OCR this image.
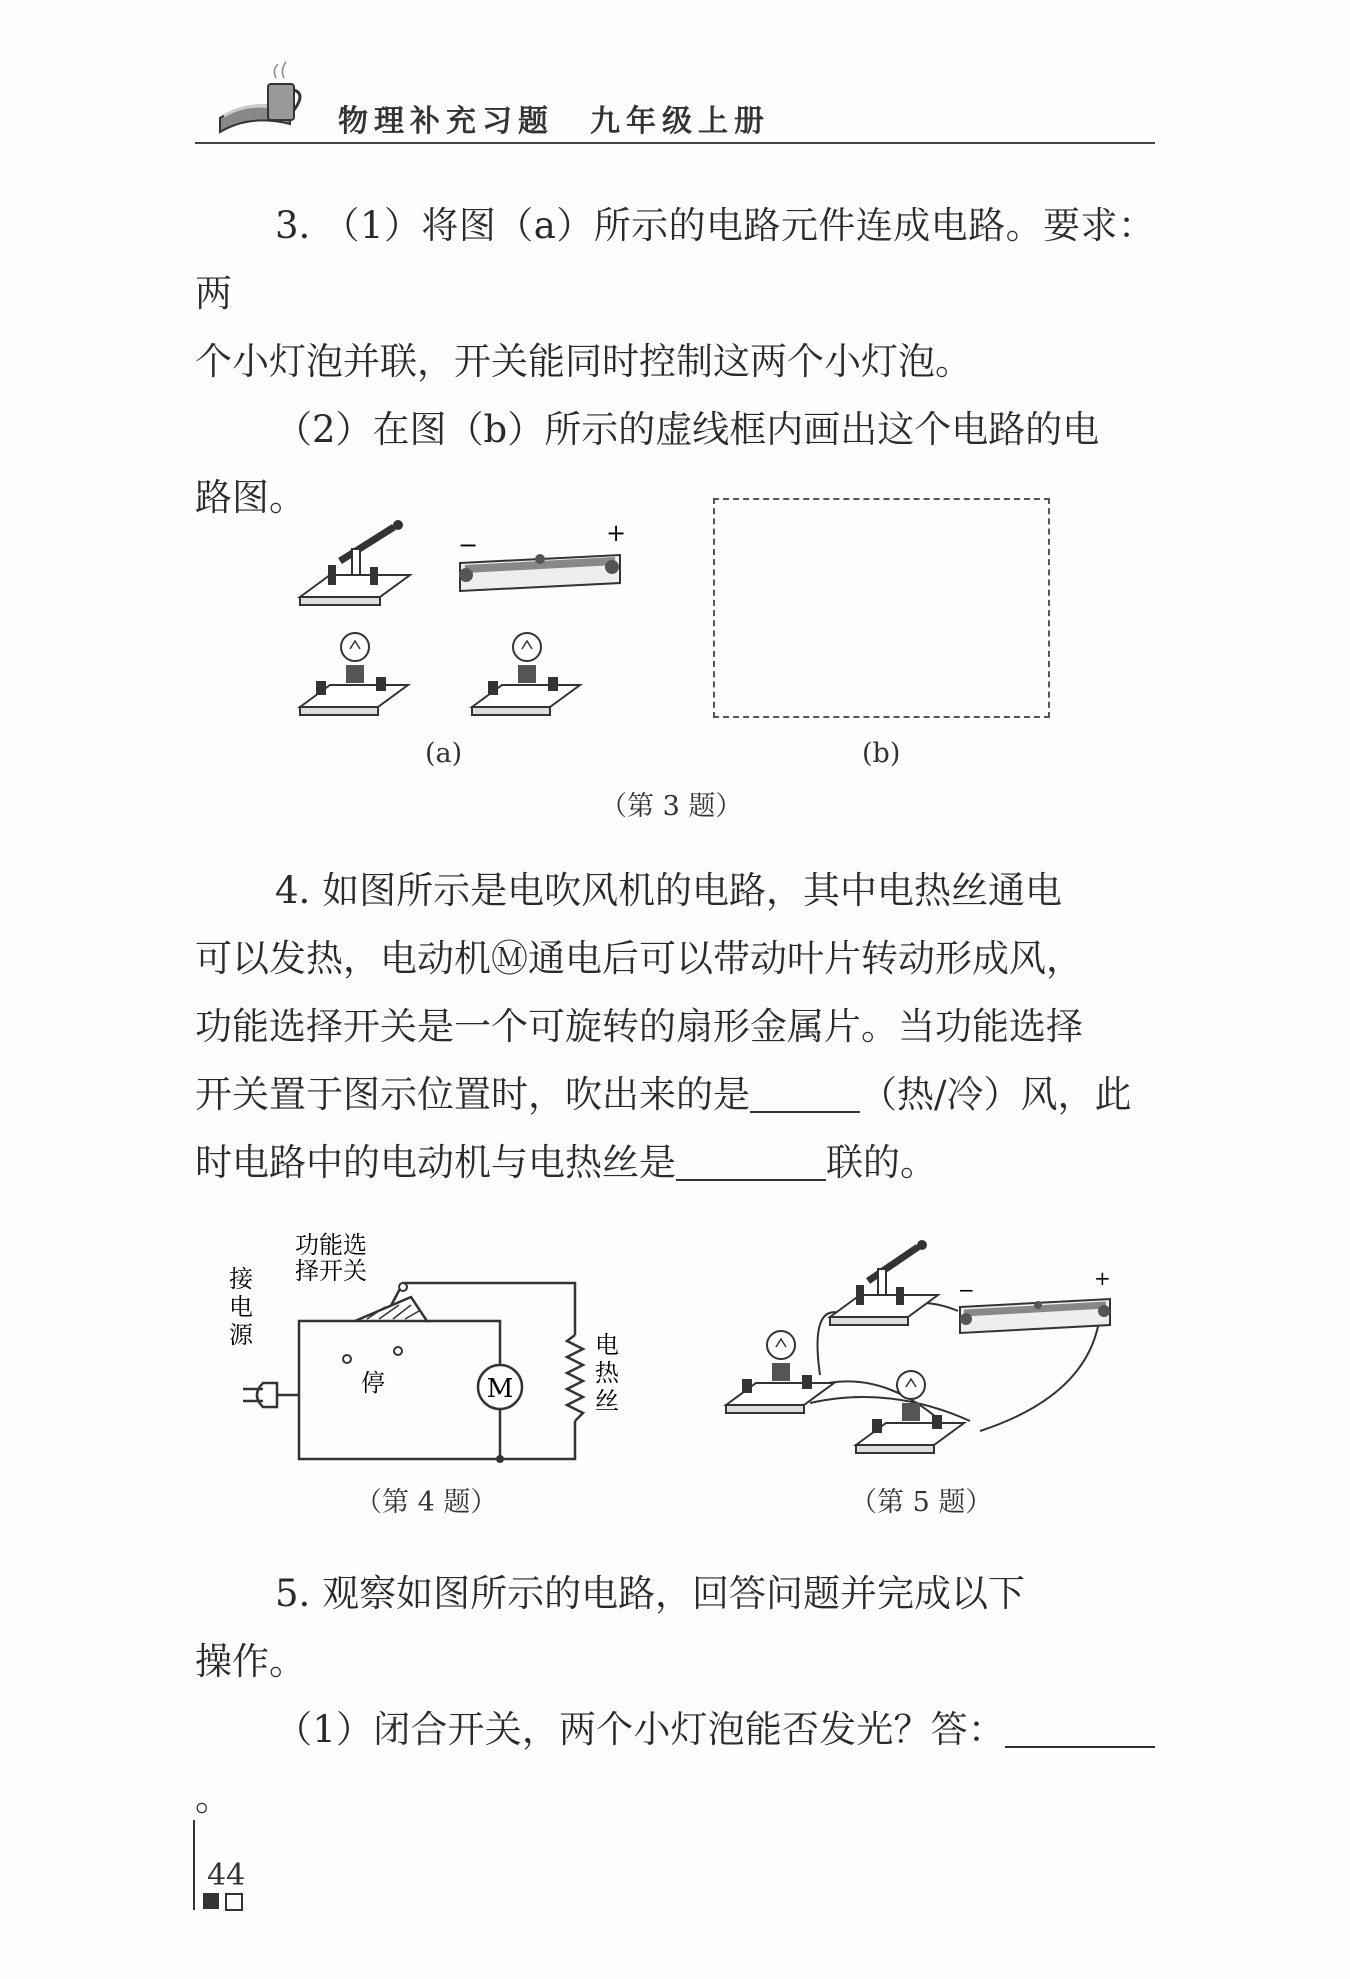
物理补充习题　九年级上册
3. （1）将图（a）所示的电路元件连成电路。要求：两
个小灯泡并联，开关能同时控制这两个小灯泡。
（2）在图（b）所示的虚线框内画出这个电路的电
路图。
−	+
(a)	(b)
（第 3 题）
4. 如图所示是电吹风机的电路，其中电热丝通电
可以发热，电动机Ⓜ通电后可以带动叶片转动形成风，
功能选择开关是一个可旋转的扇形金属片。当功能选择
开关置于图示位置时，吹出来的是	（热/冷）风，此
时电路中的电动机与电热丝是	联的。
停	M
功能选
择开关
接
电
源	电
热
丝
（第 4 题）
−	+
（第 5 题）
5. 观察如图所示的电路，回答问题并完成以下
操作。
（1）闭合开关，两个小灯泡能否发光？答：。
44
